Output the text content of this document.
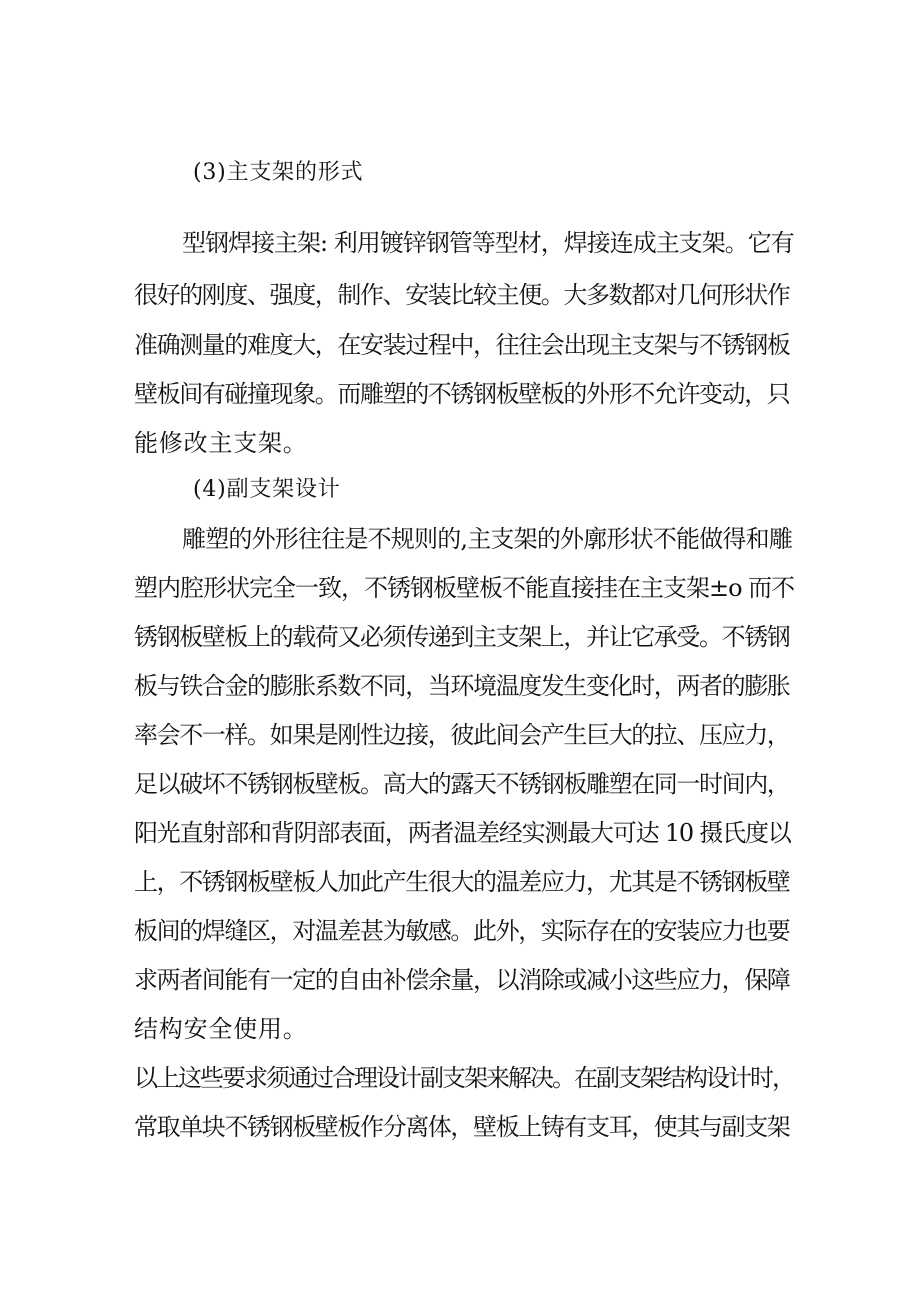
(3)主支架的形式
型钢焊接主架: 利用镀锌钢管等型材，焊接连成主支架。它有
很好的刚度、强度，制作、安装比较主便。大多数都对几何形状作
准确测量的难度大，在安装过程中，往往会出现主支架与不锈钢板
壁板间有碰撞现象。而雕塑的不锈钢板壁板的外形不允许变动，只
能修改主支架。
(4)副支架设计
雕塑的外形往往是不规则的,主支架的外廓形状不能做得和雕
塑内腔形状完全一致，不锈钢板壁板不能直接挂在主支架±o 而不
锈钢板壁板上的载荷又必须传递到主支架上，并让它承受。不锈钢
板与铁合金的膨胀系数不同，当环境温度发生变化时，两者的膨胀
率会不一样。如果是刚性边接，彼此间会产生巨大的拉、压应力，
足以破坏不锈钢板壁板。高大的露天不锈钢板雕塑在同一时间内，
阳光直射部和背阴部表面，两者温差经实测最大可达 10 摄氏度以
上，不锈钢板壁板人加此产生很大的温差应力，尤其是不锈钢板壁
板间的焊缝区，对温差甚为敏感。此外，实际存在的安装应力也要
求两者间能有一定的自由补偿余量，以消除或减小这些应力，保障
结构安全使用。
以上这些要求须通过合理设计副支架来解决。在副支架结构设计时，
常取单块不锈钢板壁板作分离体，壁板上铸有支耳，使其与副支架
